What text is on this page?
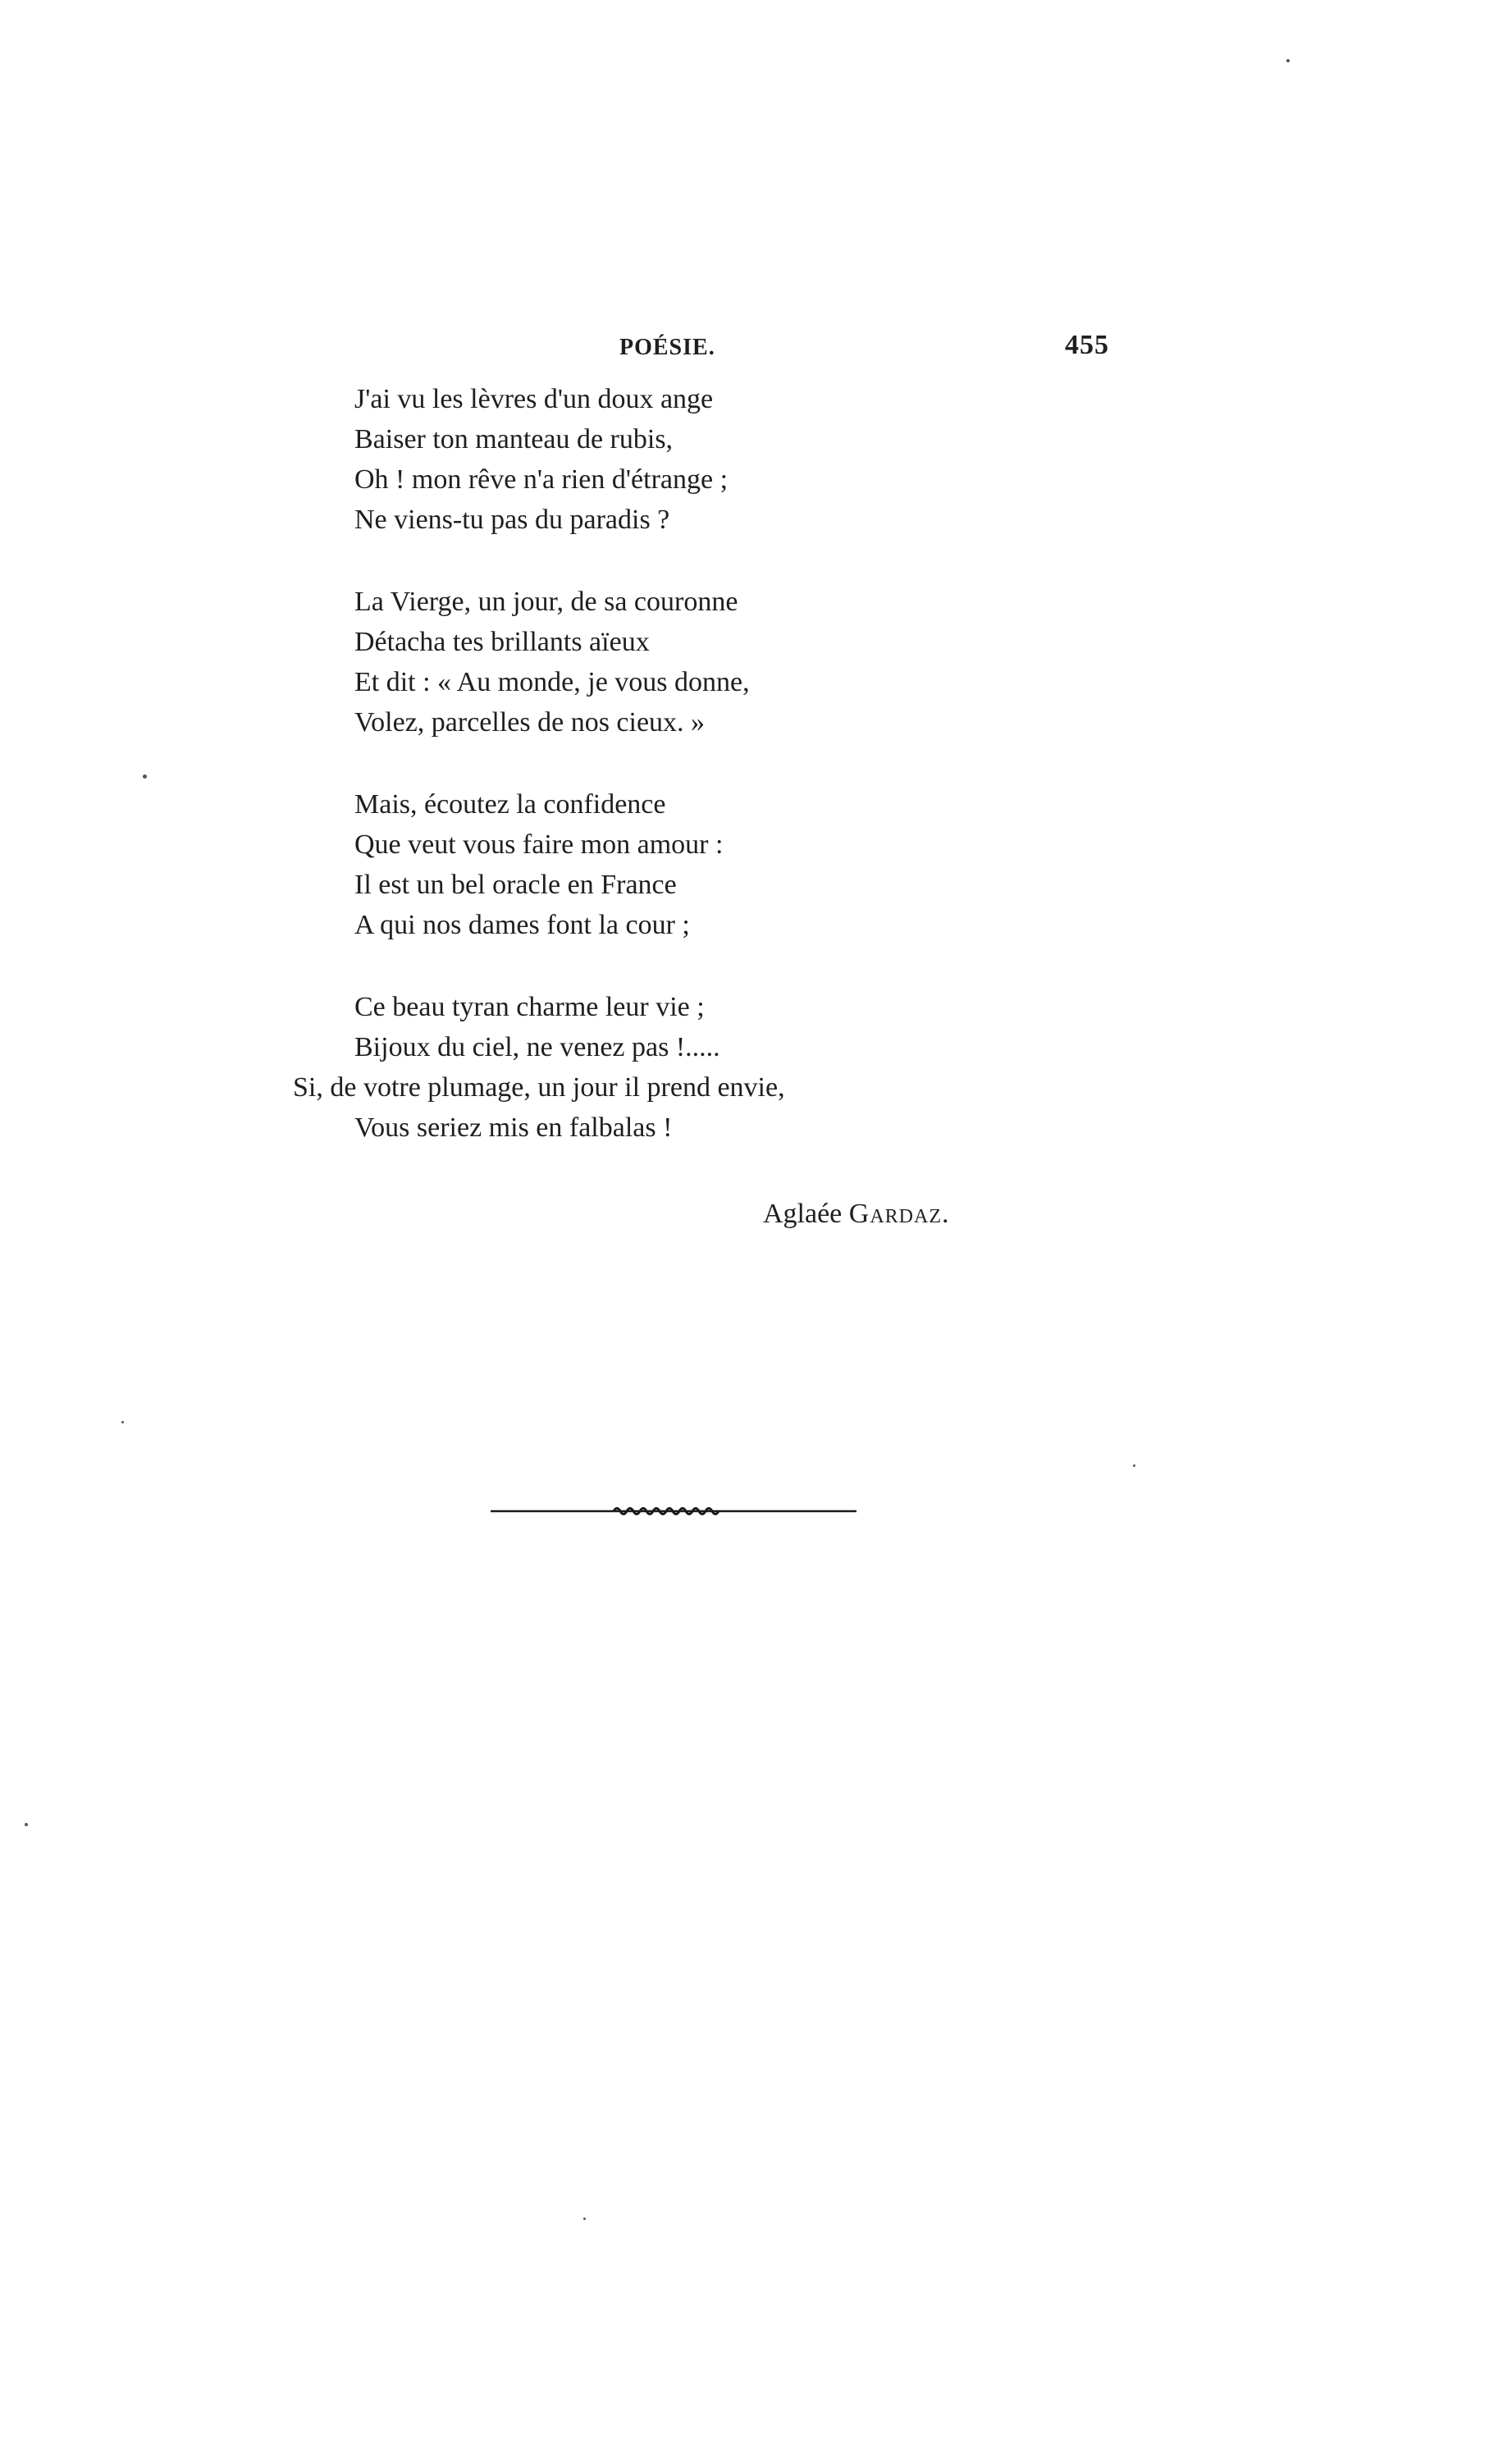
POÉSIE.	455
J'ai vu les lèvres d'un doux ange
Baiser ton manteau de rubis,
Oh ! mon rêve n'a rien d'étrange ;
Ne viens-tu pas du paradis ?
La Vierge, un jour, de sa couronne
Détacha tes brillants aïeux
Et dit : « Au monde, je vous donne,
Volez, parcelles de nos cieux. »
Mais, écoutez la confidence
Que veut vous faire mon amour :
Il est un bel oracle en France
A qui nos dames font la cour ;
Ce beau tyran charme leur vie ;
Bijoux du ciel, ne venez pas !.....
Si, de votre plumage, un jour il prend envie,
Vous seriez mis en falbalas !
Aglaée Gardaz.
